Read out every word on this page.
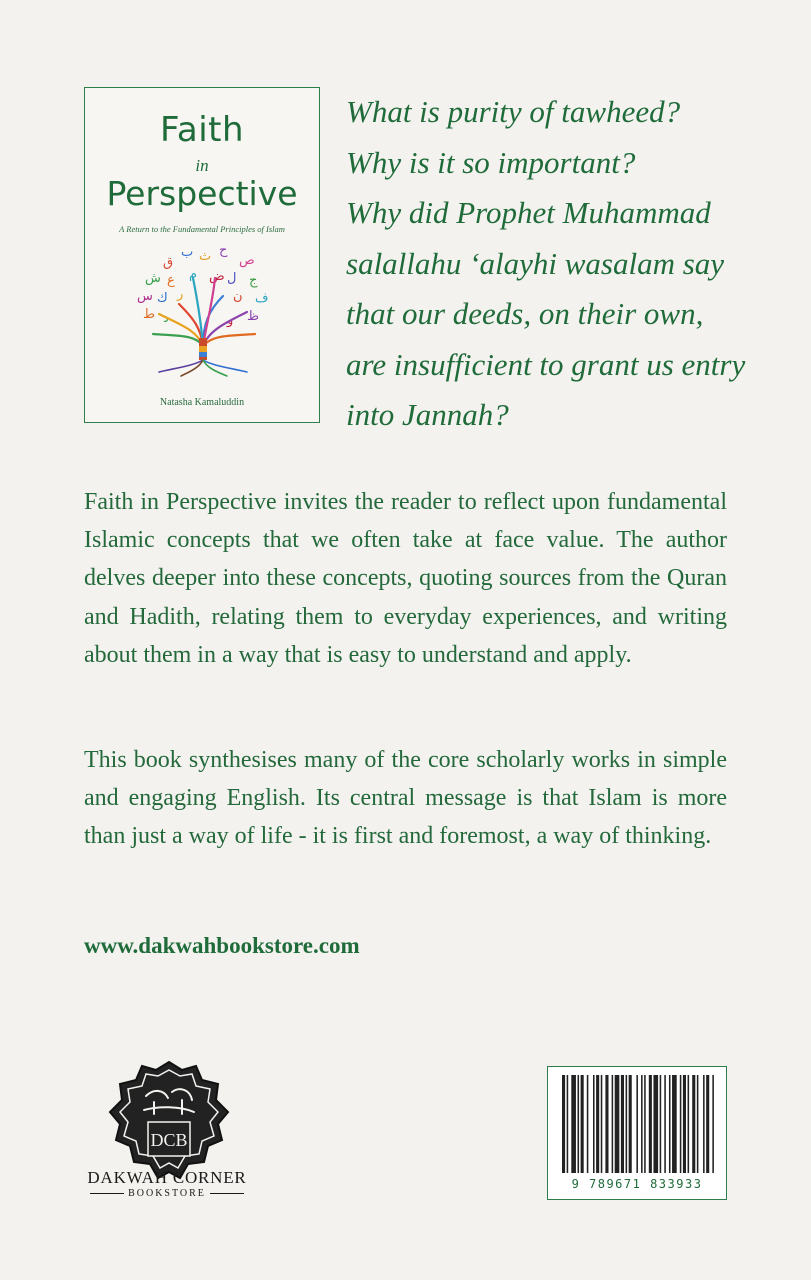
Faith
in
Perspective
A Return to the Fundamental Principles of Islam
ق
ب ث ح
ص
ش ع م ض ل ج
س ك ر	ن ف
ط	ظ
د	و
Natasha Kamaluddin
What is purity of tawheed?
Why is it so important?
Why did Prophet Muhammad
salallahu ‘alayhi wasalam say
that our deeds, on their own,
are insufficient to grant us entry
into Jannah?
Faith in Perspective invites the reader to reflect upon fundamental Islamic concepts that we often take at face value. The author delves deeper into these concepts, quoting sources from the Quran and Hadith, relating them to everyday experiences, and writing about them in a way that is easy to understand and apply.
This book synthesises many of the core scholarly works in simple and engaging English. Its central message is that Islam is more than just a way of life - it is first and foremost, a way of thinking.
www.dakwahbookstore.com
DCB
DAKWAH CORNER
BOOKSTORE
9 789671 833933
